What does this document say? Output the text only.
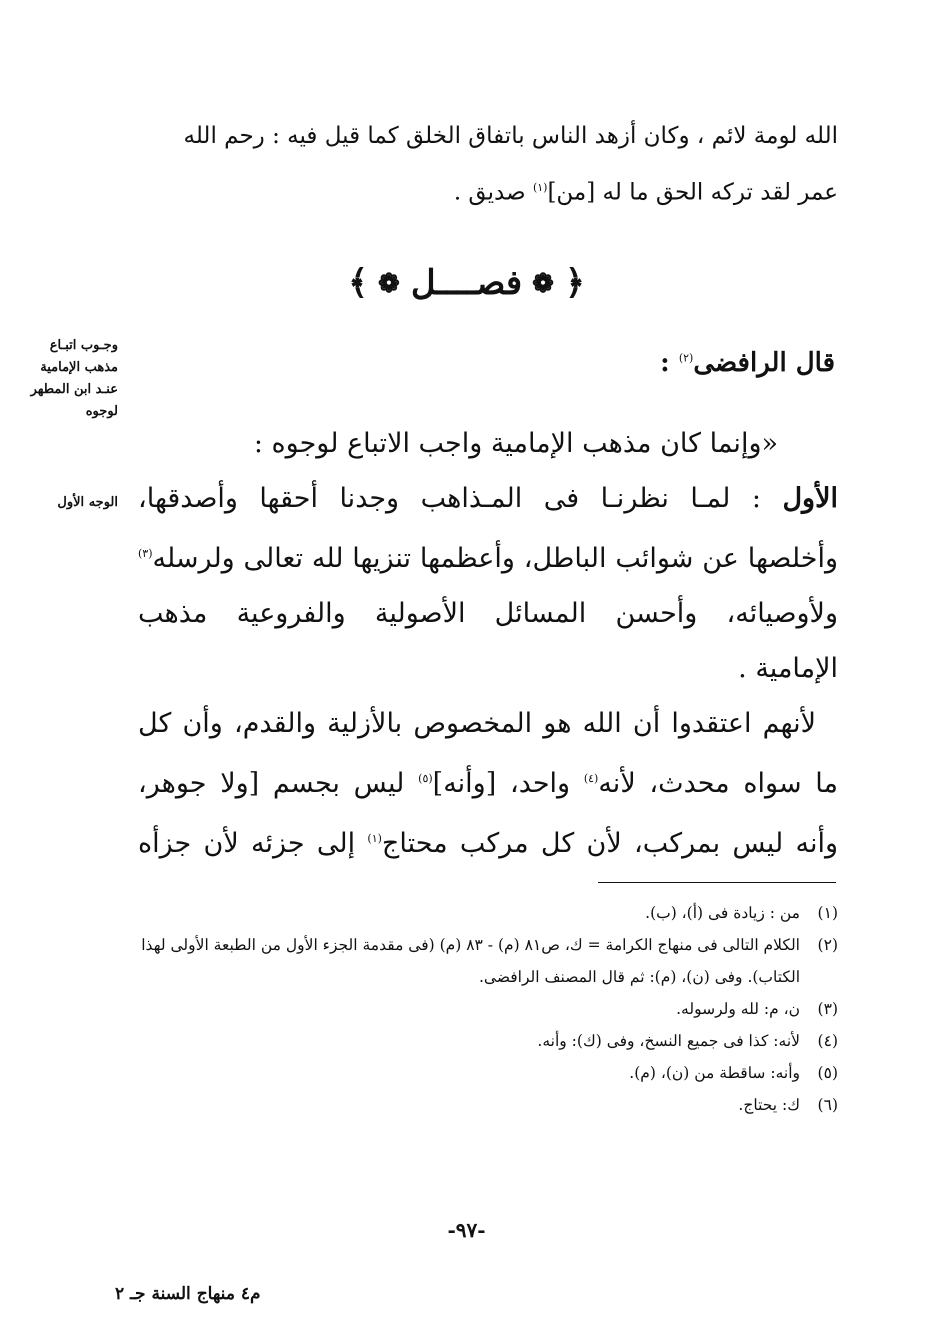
الله لومة لائم ، وكان أزهد الناس باتفاق الخلق كما قيل فيه : رحم الله
عمر لقد تركه الحق ما له [من]$^{(١)}$ صديق .
﴿❁فصــــل❁﴾
قال الرافضى$^{(٢)}$ :
«وإنما كان مذهب الإمامية واجب الاتباع لوجوه :
الأول : لمـا نظرنـا فى المـذاهب وجدنا أحقها وأصدقها،
وأخلصها عن شوائب الباطل، وأعظمها تنزيها لله تعالى ولرسله$^{(٣)}$
ولأوصيائه، وأحسن المسائل الأصولية والفروعية مذهب
الإمامية .
لأنهم اعتقدوا أن الله هو المخصوص بالأزلية والقدم، وأن كل
ما سواه محدث، لأنه$^{(٤)}$ واحد، [وأنه]$^{(٥)}$ ليس بجسم [ولا جوهر،
وأنه ليس بمركب، لأن كل مركب محتاج$^{(١)}$ إلى جزئه لأن جزأه
وجـوب اتبـاع
مذهب الإمامية
عنـد ابن المطهر
لوجوه
الوجه الأول
(١)
من : زيادة فى (أ)، (ب).
(٢)
الكلام التالى فى منهاج الكرامة = ك، ص٨١ (م) - ٨٣ (م) (فى مقدمة الجزء الأول من الطبعة الأولى لهذا الكتاب). وفى (ن)، (م): ثم قال المصنف الرافضى.
(٣)
ن، م: لله ولرسوله.
(٤)
لأنه: كذا فى جميع النسخ، وفى (ك): وأنه.
(٥)
وأنه: ساقطة من (ن)، (م).
(٦)
ك: يحتاج.
-٩٧-
م٤ منهاج السنة جـ ٢
